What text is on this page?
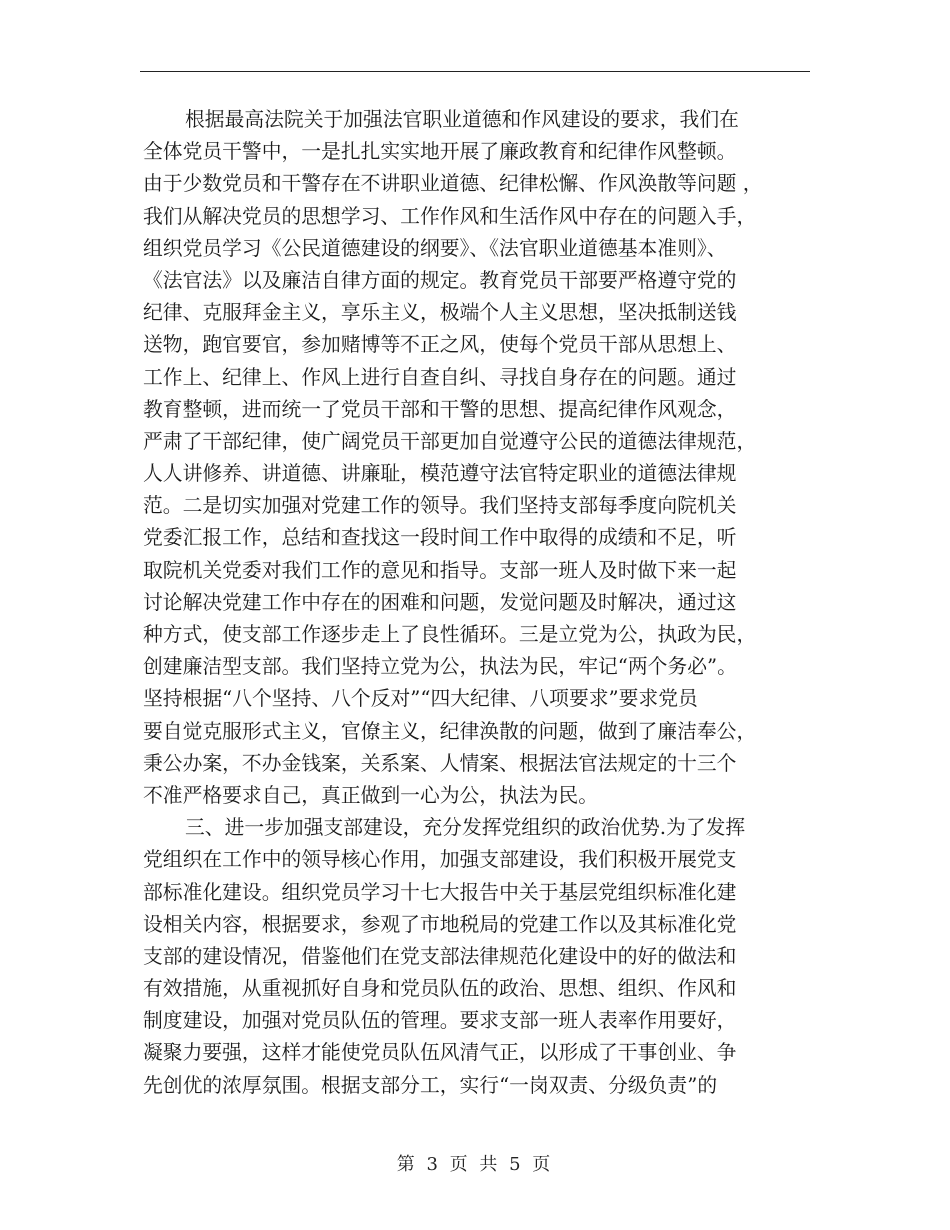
根据最高法院关于加强法官职业道德和作风建设的要求，我们在
全体党员干警中，一是扎扎实实地开展了廉政教育和纪律作风整顿。
由于少数党员和干警存在不讲职业道德、纪律松懈、作风涣散等问题 ，
我们从解决党员的思想学习、工作作风和生活作风中存在的问题入手，
组织党员学习《公民道德建设的纲要》、《法官职业道德基本准则》、
《法官法》以及廉洁自律方面的规定。教育党员干部要严格遵守党的
纪律、克服拜金主义，享乐主义，极端个人主义思想，坚决抵制送钱
送物，跑官要官，参加赌博等不正之风，使每个党员干部从思想上、
工作上、纪律上、作风上进行自查自纠、寻找自身存在的问题。通过
教育整顿，进而统一了党员干部和干警的思想、提高纪律作风观念，
严肃了干部纪律，使广阔党员干部更加自觉遵守公民的道德法律规范，
人人讲修养、讲道德、讲廉耻，模范遵守法官特定职业的道德法律规
范。二是切实加强对党建工作的领导。我们坚持支部每季度向院机关
党委汇报工作，总结和查找这一段时间工作中取得的成绩和不足，听
取院机关党委对我们工作的意见和指导。支部一班人及时做下来一起
讨论解决党建工作中存在的困难和问题，发觉问题及时解决，通过这
种方式，使支部工作逐步走上了良性循环。三是立党为公，执政为民，
创建廉洁型支部。我们坚持立党为公，执法为民，牢记“两个务必”。
坚持根据“八个坚持、八个反对”“四大纪律、八项要求”要求党员
要自觉克服形式主义，官僚主义，纪律涣散的问题，做到了廉洁奉公，
秉公办案，不办金钱案，关系案、人情案、根据法官法规定的十三个
不准严格要求自己，真正做到一心为公，执法为民。
三、进一步加强支部建设，充分发挥党组织的政治优势.为了发挥
党组织在工作中的领导核心作用，加强支部建设，我们积极开展党支
部标准化建设。组织党员学习十七大报告中关于基层党组织标准化建
设相关内容，根据要求，参观了市地税局的党建工作以及其标准化党
支部的建设情况，借鉴他们在党支部法律规范化建设中的好的做法和
有效措施，从重视抓好自身和党员队伍的政治、思想、组织、作风和
制度建设，加强对党员队伍的管理。要求支部一班人表率作用要好，
凝聚力要强，这样才能使党员队伍风清气正，以形成了干事创业、争
先创优的浓厚氛围。根据支部分工，实行“一岗双责、分级负责”的
第 3 页 共 5 页
